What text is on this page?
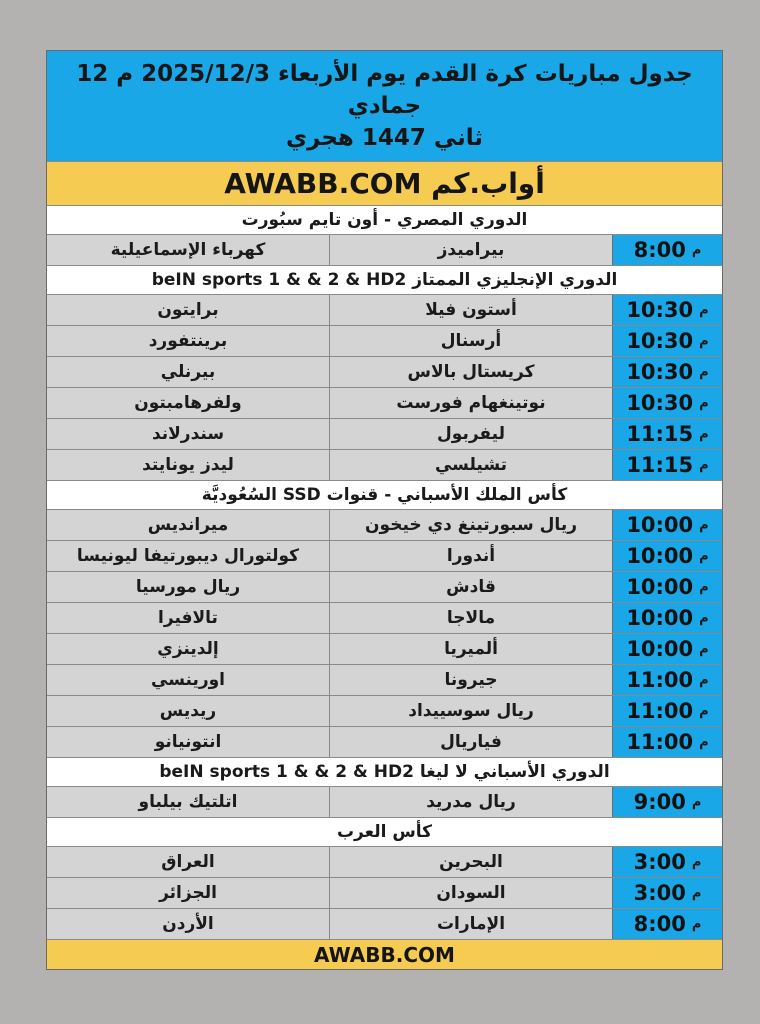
جدول مباريات كرة القدم يوم الأربعاء 2025/12/3 م 12 جمادي
ثاني 1447 هجري
أواب.كم AWABB.COM
الدوري المصري - أون تايم سبُورت
م
8:00
بيراميدز
كهرباء الإسماعيلية
الدوري الإنجليزي الممتاز beIN sports 1 & & 2 & HD2
م
10:30
أستون فيلا
برايتون
م
10:30
أرسنال
برينتفورد
م
10:30
كريستال بالاس
بيرنلي
م
10:30
نوتينغهام فورست
ولفرهامبتون
م
11:15
ليفربول
سندرلاند
م
11:15
تشيلسي
ليدز يونايتد
كأس الملك الأسباني - قنوات SSD السُعُوديَّة
م
10:00
ريال سبورتينغ دي خيخون
ميرانديس
م
10:00
أندورا
كولتورال ديبورتيفا ليونيسا
م
10:00
قادش
ريال مورسيا
م
10:00
مالاجا
تالافيرا
م
10:00
ألميريا
إلدينزي
م
11:00
جيرونا
اورينسي
م
11:00
ريال سوسييداد
ريديس
م
11:00
فياريال
انتونيانو
الدوري الأسباني لا ليغا beIN sports 1 & & 2 & HD2
م
9:00
ريال مدريد
اتلتيك بيلباو
كأس العرب
م
3:00
البحرين
العراق
م
3:00
السودان
الجزائر
م
8:00
الإمارات
الأردن
AWABB.COM
